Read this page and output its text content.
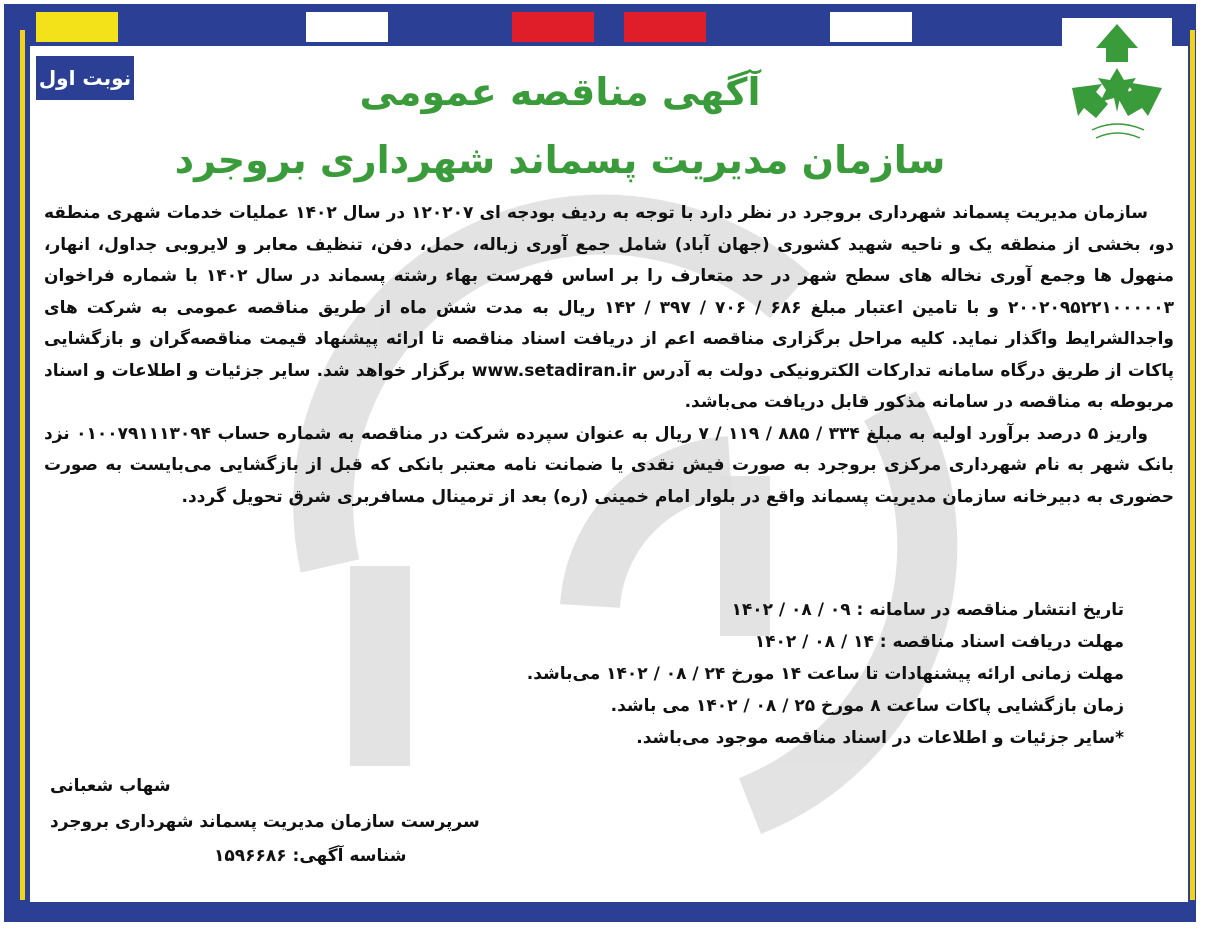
نوبت اول	آگهی مناقصه عمومی
سازمان مدیریت پسماند شهرداری بروجرد

سازمان مدیریت پسماند شهرداری بروجرد در نظر دارد با توجه به ردیف بودجه ای ۱۲۰۲۰۷ در سال ۱۴۰۲ عملیات خدمات شهری منطقه دو، بخشی از منطقه یک و ناحیه شهید کشوری (جهان آباد) شامل جمع آوری زباله، حمل، دفن، تنظیف معابر و لایروبی جداول، انهار، منهول ها وجمع آوری نخاله های سطح شهر در حد متعارف را بر اساس فهرست بهاء رشته پسماند در سال ۱۴۰۲ با شماره فراخوان ۲۰۰۲۰۹۵۲۲۱۰۰۰۰۰۳ و با تامین اعتبار مبلغ ۶۸۶ / ۷۰۶ / ۳۹۷ / ۱۴۲ ریال به مدت شش ماه از طریق مناقصه عمومی به شرکت های واجدالشرایط واگذار نماید. کلیه مراحل برگزاری مناقصه اعم از دریافت اسناد مناقصه تا ارائه پیشنهاد قیمت مناقصه‌گران و بازگشایی پاکات از طریق درگاه سامانه تدارکات الکترونیکی دولت به آدرس www.setadiran.ir برگزار خواهد شد. سایر جزئیات و اطلاعات و اسناد مربوطه به مناقصه در سامانه مذکور قابل دریافت می‌باشد.

واریز ۵ درصد برآورد اولیه به مبلغ ۳۳۴ / ۸۸۵ / ۱۱۹ / ۷ ریال به عنوان سپرده شرکت در مناقصه به شماره حساب ۰۱۰۰۷۹۱۱۱۳۰۹۴ نزد بانک شهر به نام شهرداری مرکزی بروجرد به صورت فیش نقدی یا ضمانت نامه معتبر بانکی که قبل از بازگشایی می‌بایست به صورت حضوری به دبیرخانه سازمان مدیریت پسماند واقع در بلوار امام خمینی (ره) بعد از ترمینال مسافربری شرق تحویل گردد.

تاریخ انتشار مناقصه در سامانه : ۰۹ / ۰۸ / ۱۴۰۲
مهلت دریافت اسناد مناقصه : ۱۴ / ۰۸ / ۱۴۰۲
مهلت زمانی ارائه پیشنهادات تا ساعت ۱۴ مورخ ۲۴ / ۰۸ / ۱۴۰۲ می‌باشد.
زمان بازگشایی پاکات ساعت ۸ مورخ ۲۵ / ۰۸ / ۱۴۰۲ می باشد.
*سایر جزئیات و اطلاعات در اسناد مناقصه موجود می‌باشد.
شهاب شعبانی
سرپرست سازمان مدیریت پسماند شهرداری بروجرد
شناسه آگهی: ۱۵۹۶۶۸۶
